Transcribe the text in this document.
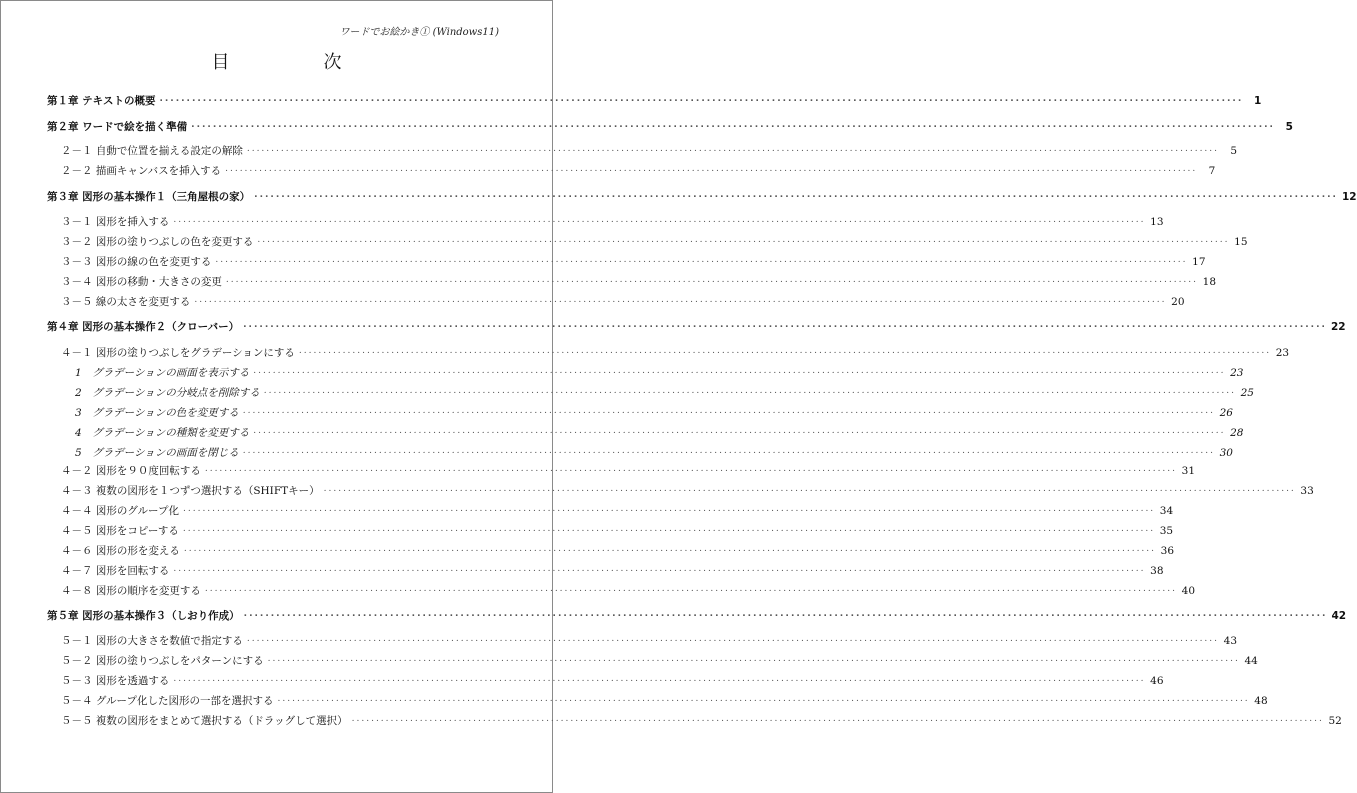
ワードでお絵かき① (Windows11)
目　次
第１章 テキストの概要 ........................................................................................................................................................................................................	1
第２章 ワードで絵を描く準備 ........................................................................................................................................................................................................	5
２－１ 自動で位置を揃える設定の解除 ........................................................................................................................................................................................................	5
２－２ 描画キャンバスを挿入する ........................................................................................................................................................................................................	7
第３章 図形の基本操作１（三角屋根の家） ........................................................................................................................................................................................................ 12
３－１ 図形を挿入する ........................................................................................................................................................................................................ 13
３－２ 図形の塗りつぶしの色を変更する ........................................................................................................................................................................................................ 15
３－３ 図形の線の色を変更する ........................................................................................................................................................................................................ 17
３－４ 図形の移動・大きさの変更 ........................................................................................................................................................................................................ 18
３－５ 線の太さを変更する ........................................................................................................................................................................................................ 20
第４章 図形の基本操作２（クローバー） ........................................................................................................................................................................................................ 22
４－１ 図形の塗りつぶしをグラデーションにする ........................................................................................................................................................................................................ 23
1　グラデーションの画面を表示する ........................................................................................................................................................................................................ 23
2　グラデーションの分岐点を削除する ........................................................................................................................................................................................................ 25
3　グラデーションの色を変更する ........................................................................................................................................................................................................ 26
4　グラデーションの種類を変更する ........................................................................................................................................................................................................ 28
5　グラデーションの画面を閉じる ........................................................................................................................................................................................................ 30
４－２ 図形を９０度回転する ........................................................................................................................................................................................................ 31
４－３ 複数の図形を１つずつ選択する（SHIFTキー） ........................................................................................................................................................................................................ 33
４－４ 図形のグループ化 ........................................................................................................................................................................................................ 34
４－５ 図形をコピーする ........................................................................................................................................................................................................ 35
４－６ 図形の形を変える ........................................................................................................................................................................................................ 36
４－７ 図形を回転する ........................................................................................................................................................................................................ 38
４－８ 図形の順序を変更する ........................................................................................................................................................................................................ 40
第５章 図形の基本操作３（しおり作成） ........................................................................................................................................................................................................ 42
５－１ 図形の大きさを数値で指定する ........................................................................................................................................................................................................ 43
５－２ 図形の塗りつぶしをパターンにする ........................................................................................................................................................................................................ 44
５－３ 図形を透過する ........................................................................................................................................................................................................ 46
５－４ グループ化した図形の一部を選択する ........................................................................................................................................................................................................ 48
５－５ 複数の図形をまとめて選択する（ドラッグして選択） ........................................................................................................................................................................................................ 52
